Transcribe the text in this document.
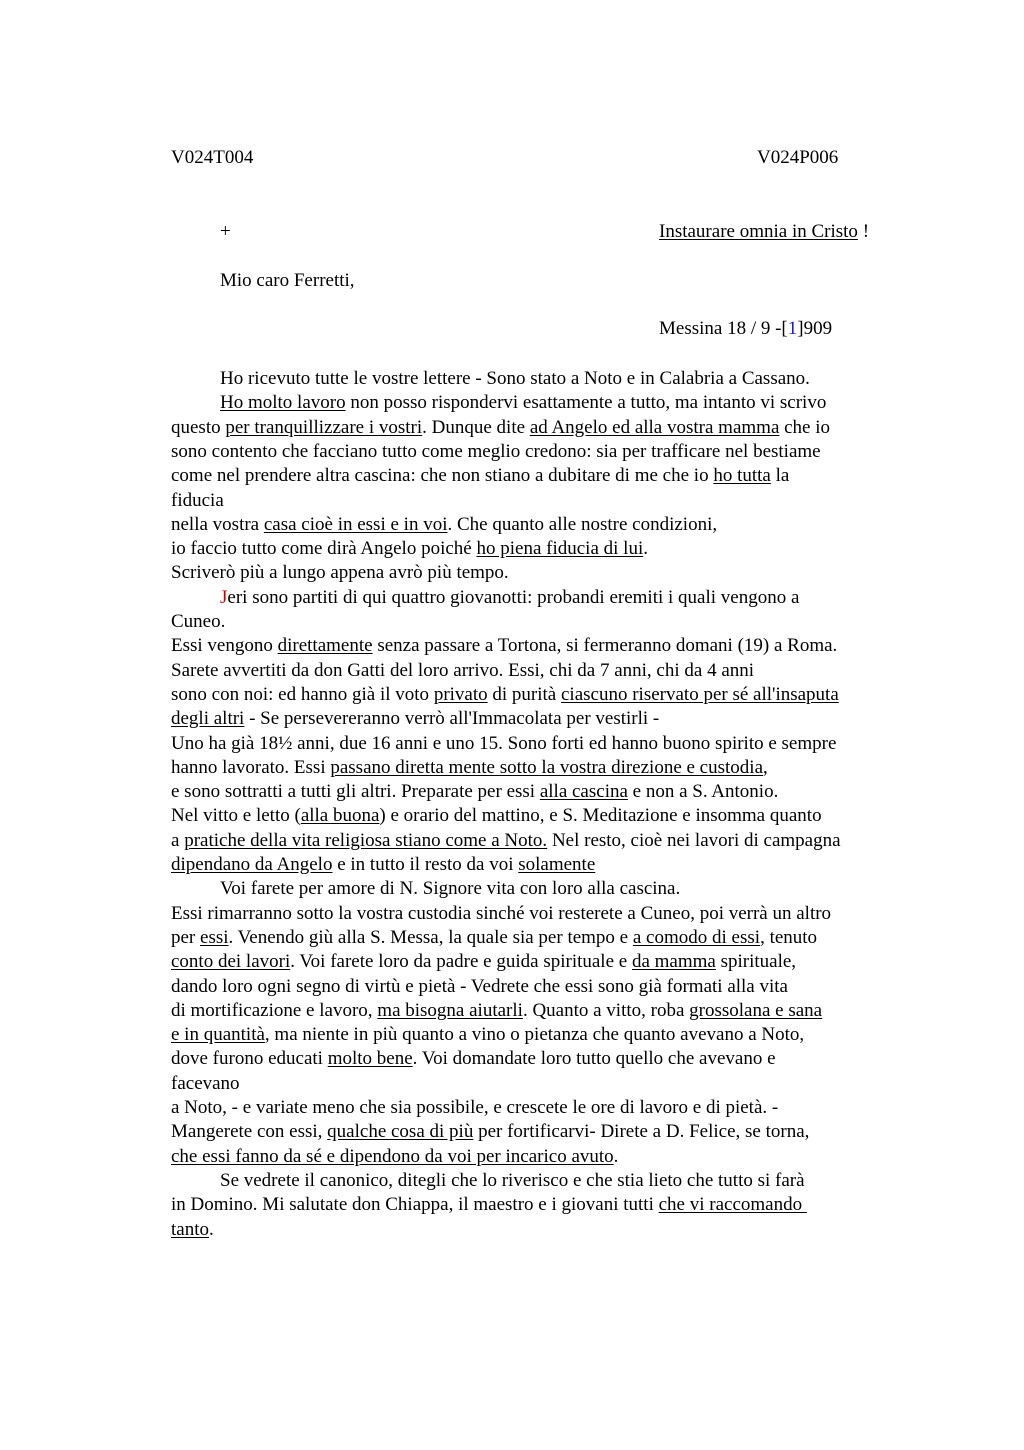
V024T004	V024P006
+	Instaurare omnia in Cristo !
Mio caro Ferretti,
Messina 18 / 9 -[1]909
Ho ricevuto tutte le vostre lettere - Sono stato a Noto e in Calabria a Cassano.
Ho molto lavoro non posso rispondervi esattamente a tutto, ma intanto vi scrivo
questo per tranquillizzare i vostri. Dunque dite ad Angelo ed alla vostra mamma che io
sono contento che facciano tutto come meglio credono: sia per trafficare nel bestiame
come nel prendere altra cascina: che non stiano a dubitare di me che io ho tutta la
fiducia
nella vostra casa cioè in essi e in voi. Che quanto alle nostre condizioni,
io faccio tutto come dirà Angelo poiché ho piena fiducia di lui.
Scriverò più a lungo appena avrò più tempo.
Jeri sono partiti di qui quattro giovanotti: probandi eremiti i quali vengono a
Cuneo.
Essi vengono direttamente senza passare a Tortona, si fermeranno domani (19) a Roma.
Sarete avvertiti da don Gatti del loro arrivo. Essi, chi da 7 anni, chi da 4 anni
sono con noi: ed hanno già il voto privato di purità ciascuno riservato per sé all'insaputa
degli altri - Se persevereranno verrò all'Immacolata per vestirli -
Uno ha già 18½ anni, due 16 anni e uno 15. Sono forti ed hanno buono spirito e sempre
hanno lavorato. Essi passano diretta mente sotto la vostra direzione e custodia,
e sono sottratti a tutti gli altri. Preparate per essi alla cascina e non a S. Antonio.
Nel vitto e letto (alla buona) e orario del mattino, e S. Meditazione e insomma quanto
a pratiche della vita religiosa stiano come a Noto. Nel resto, cioè nei lavori di campagna
dipendano da Angelo e in tutto il resto da voi solamente
Voi farete per amore di N. Signore vita con loro alla cascina.
Essi rimarranno sotto la vostra custodia sinché voi resterete a Cuneo, poi verrà un altro
per essi. Venendo giù alla S. Messa, la quale sia per tempo e a comodo di essi, tenuto
conto dei lavori. Voi farete loro da padre e guida spirituale e da mamma spirituale,
dando loro ogni segno di virtù e pietà - Vedrete che essi sono già formati alla vita
di mortificazione e lavoro, ma bisogna aiutarli. Quanto a vitto, roba grossolana e sana
e in quantità, ma niente in più quanto a vino o pietanza che quanto avevano a Noto,
dove furono educati molto bene. Voi domandate loro tutto quello che avevano e
facevano
a Noto, - e variate meno che sia possibile, e crescete le ore di lavoro e di pietà. -
Mangerete con essi, qualche cosa di più per fortificarvi- Direte a D. Felice, se torna,
che essi fanno da sé e dipendono da voi per incarico avuto.
Se vedrete il canonico, ditegli che lo riverisco e che stia lieto che tutto si farà
in Domino. Mi salutate don Chiappa, il maestro e i giovani tutti che vi raccomando
tanto.
